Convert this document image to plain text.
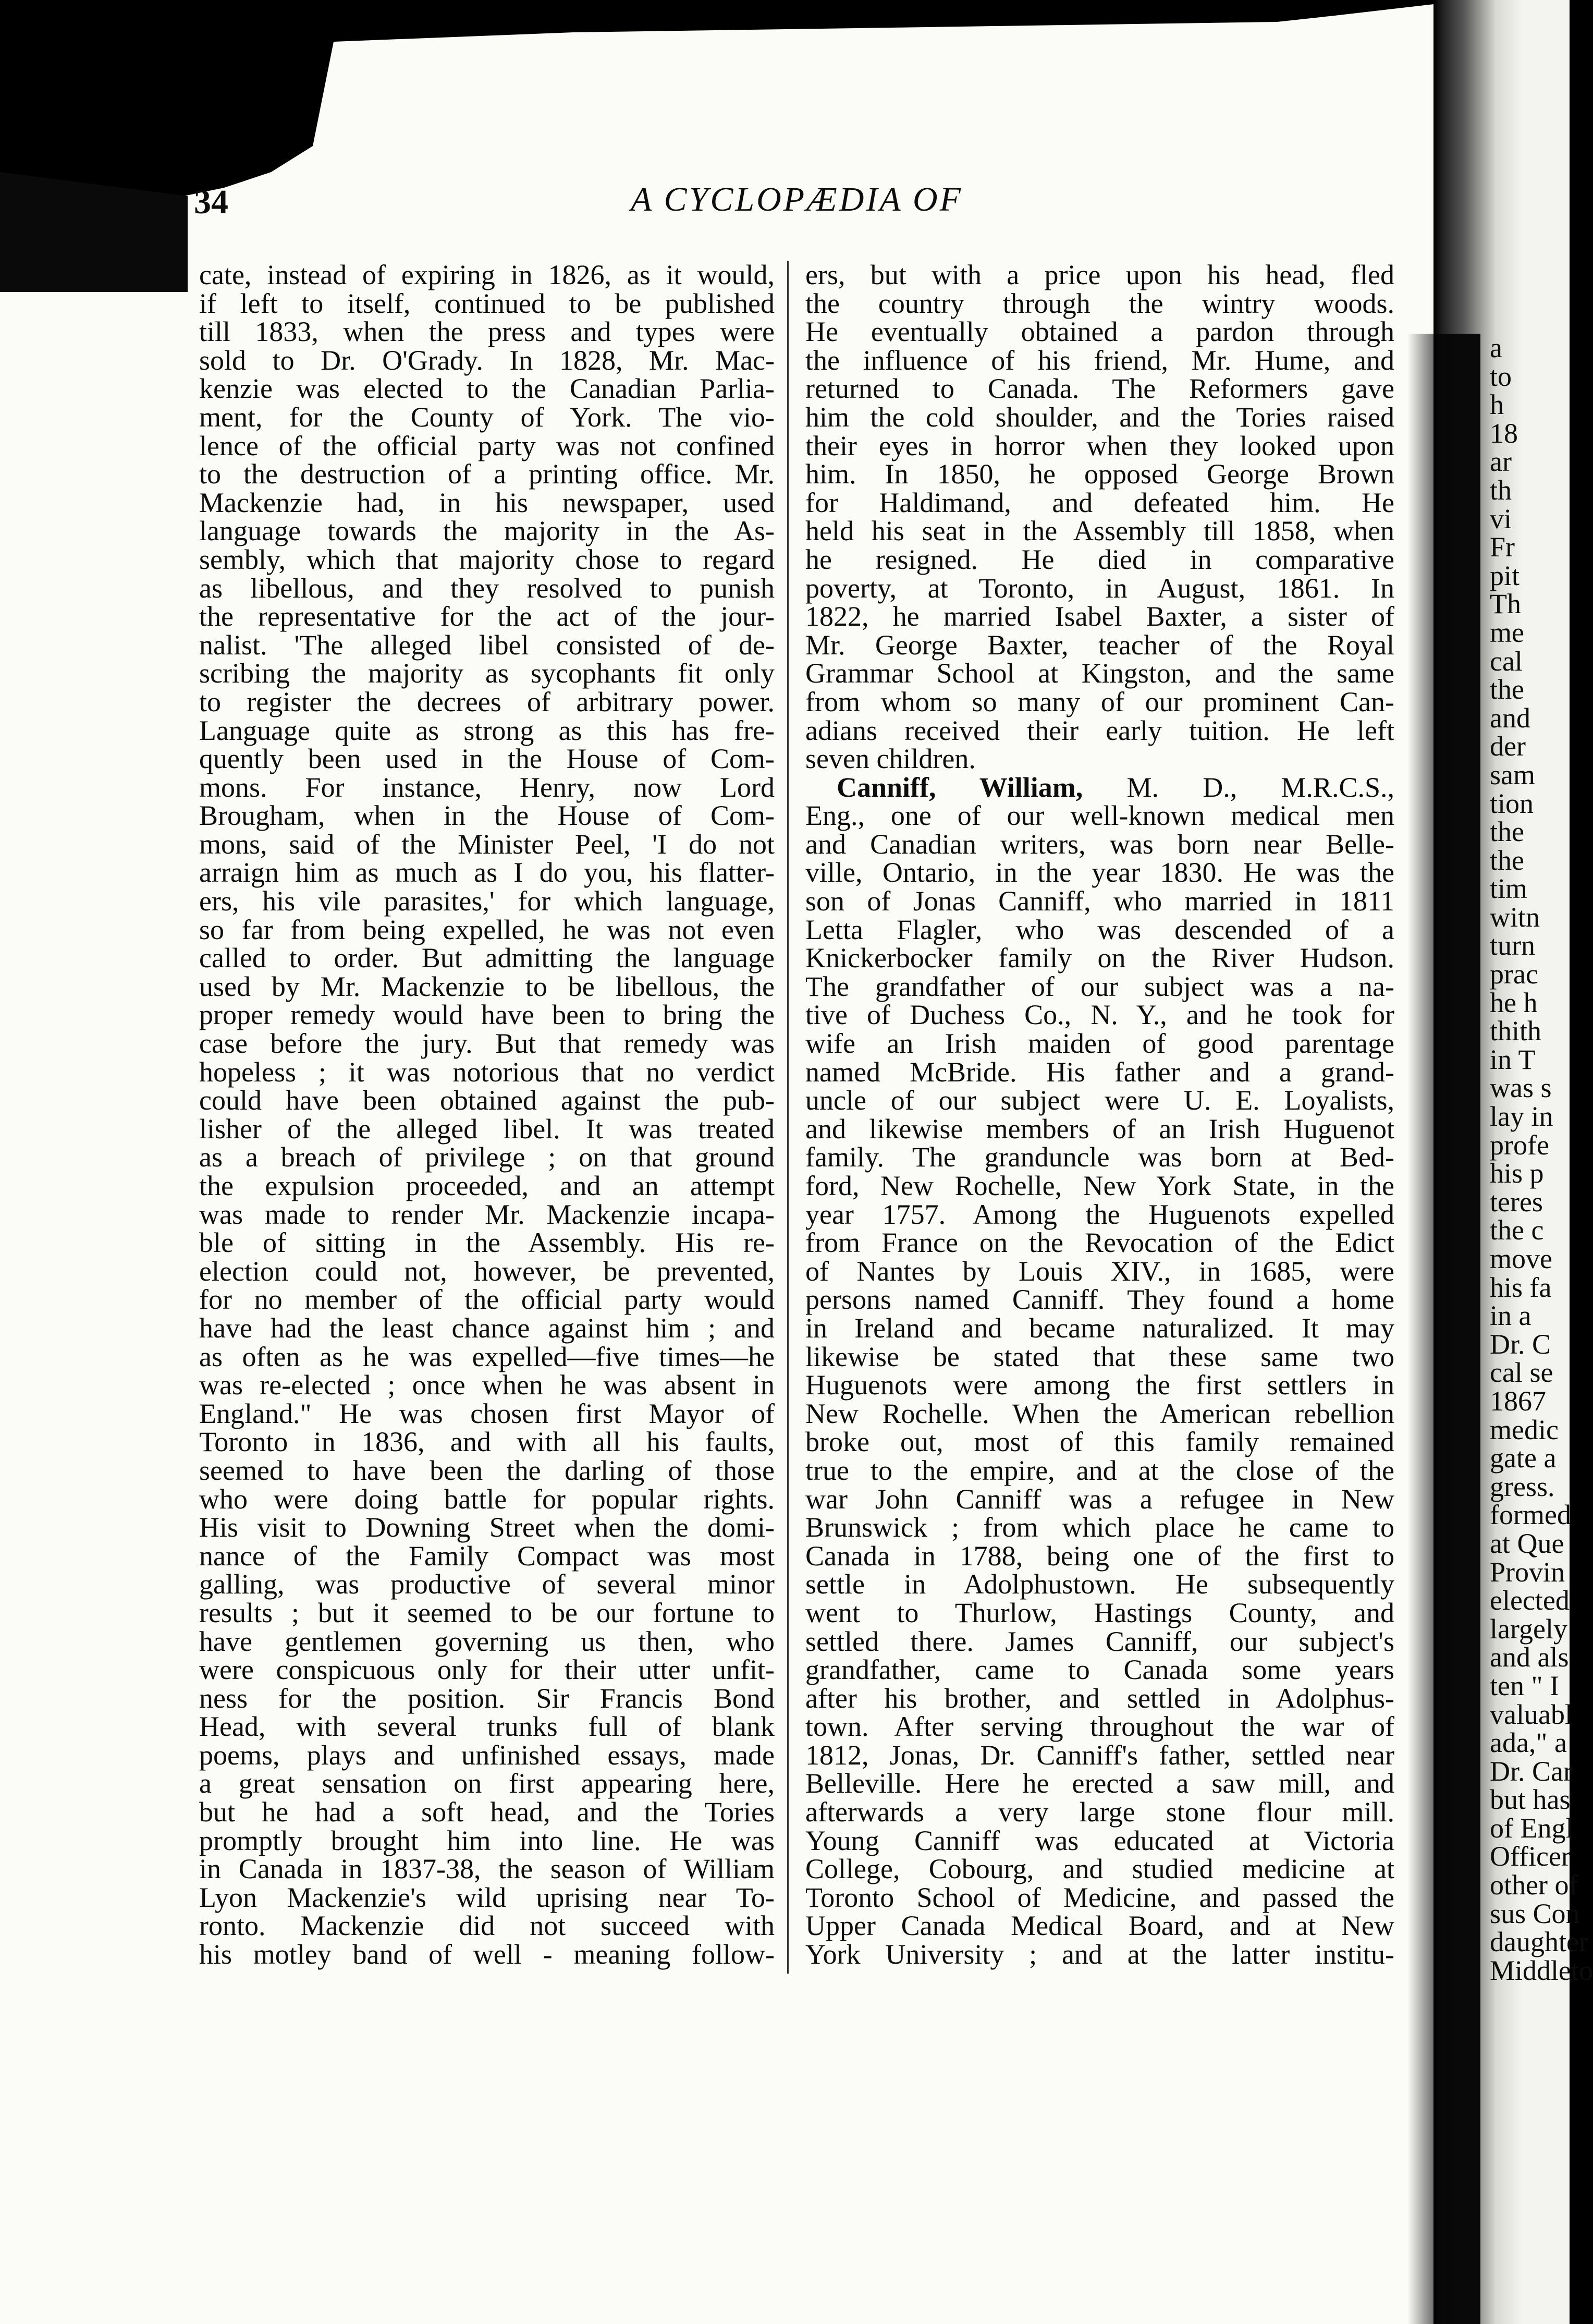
a
to
h
18
ar
th
vi
Fr
pit
Th
me
cal
the
and
der
sam
tion
the
the
tim
witn
turn
prac
he h
thith
in T
was s
lay in
profe
his p
teres
the c
move
his fa
in a
Dr. C
cal se
1867
medic
gate a
gress.
formed
at Que
Provin
elected
largely
and als
ten " I
valuabl
ada," a
Dr. Car
but has
of Engl
Officer
other of
sus Con
daughter
Middleto
34	A CYCLOPÆDIA OF
cate, instead of expiring in 1826, as it would,
if left to itself, continued to be published
till 1833, when the press and types were
sold to Dr. O'Grady. In 1828, Mr. Mac-
kenzie was elected to the Canadian Parlia-
ment, for the County of York. The vio-
lence of the official party was not confined
to the destruction of a printing office. Mr.
Mackenzie had, in his newspaper, used
language towards the majority in the As-
sembly, which that majority chose to regard
as libellous, and they resolved to punish
the representative for the act of the jour-
nalist. 'The alleged libel consisted of de-
scribing the majority as sycophants fit only
to register the decrees of arbitrary power.
Language quite as strong as this has fre-
quently been used in the House of Com-
mons. For instance, Henry, now Lord
Brougham, when in the House of Com-
mons, said of the Minister Peel, 'I do not
arraign him as much as I do you, his flatter-
ers, his vile parasites,' for which language,
so far from being expelled, he was not even
called to order. But admitting the language
used by Mr. Mackenzie to be libellous, the
proper remedy would have been to bring the
case before the jury. But that remedy was
hopeless ; it was notorious that no verdict
could have been obtained against the pub-
lisher of the alleged libel. It was treated
as a breach of privilege ; on that ground
the expulsion proceeded, and an attempt
was made to render Mr. Mackenzie incapa-
ble of sitting in the Assembly. His re-
election could not, however, be prevented,
for no member of the official party would
have had the least chance against him ; and
as often as he was expelled—five times—he
was re-elected ; once when he was absent in
England." He was chosen first Mayor of
Toronto in 1836, and with all his faults,
seemed to have been the darling of those
who were doing battle for popular rights.
His visit to Downing Street when the domi-
nance of the Family Compact was most
galling, was productive of several minor
results ; but it seemed to be our fortune to
have gentlemen governing us then, who
were conspicuous only for their utter unfit-
ness for the position. Sir Francis Bond
Head, with several trunks full of blank
poems, plays and unfinished essays, made
a great sensation on first appearing here,
but he had a soft head, and the Tories
promptly brought him into line. He was
in Canada in 1837-38, the season of William
Lyon Mackenzie's wild uprising near To-
ronto. Mackenzie did not succeed with
his motley band of well - meaning follow-
ers, but with a price upon his head, fled
the country through the wintry woods.
He eventually obtained a pardon through
the influence of his friend, Mr. Hume, and
returned to Canada. The Reformers gave
him the cold shoulder, and the Tories raised
their eyes in horror when they looked upon
him. In 1850, he opposed George Brown
for Haldimand, and defeated him. He
held his seat in the Assembly till 1858, when
he resigned. He died in comparative
poverty, at Toronto, in August, 1861. In
1822, he married Isabel Baxter, a sister of
Mr. George Baxter, teacher of the Royal
Grammar School at Kingston, and the same
from whom so many of our prominent Can-
adians received their early tuition. He left
seven children.
Canniff, William, M. D., M.R.C.S.,
Eng., one of our well-known medical men
and Canadian writers, was born near Belle-
ville, Ontario, in the year 1830. He was the
son of Jonas Canniff, who married in 1811
Letta Flagler, who was descended of a
Knickerbocker family on the River Hudson.
The grandfather of our subject was a na-
tive of Duchess Co., N. Y., and he took for
wife an Irish maiden of good parentage
named McBride. His father and a grand-
uncle of our subject were U. E. Loyalists,
and likewise members of an Irish Huguenot
family. The granduncle was born at Bed-
ford, New Rochelle, New York State, in the
year 1757. Among the Huguenots expelled
from France on the Revocation of the Edict
of Nantes by Louis XIV., in 1685, were
persons named Canniff. They found a home
in Ireland and became naturalized. It may
likewise be stated that these same two
Huguenots were among the first settlers in
New Rochelle. When the American rebellion
broke out, most of this family remained
true to the empire, and at the close of the
war John Canniff was a refugee in New
Brunswick ; from which place he came to
Canada in 1788, being one of the first to
settle in Adolphustown. He subsequently
went to Thurlow, Hastings County, and
settled there. James Canniff, our subject's
grandfather, came to Canada some years
after his brother, and settled in Adolphus-
town. After serving throughout the war of
1812, Jonas, Dr. Canniff's father, settled near
Belleville. Here he erected a saw mill, and
afterwards a very large stone flour mill.
Young Canniff was educated at Victoria
College, Cobourg, and studied medicine at
Toronto School of Medicine, and passed the
Upper Canada Medical Board, and at New
York University ; and at the latter institu-
